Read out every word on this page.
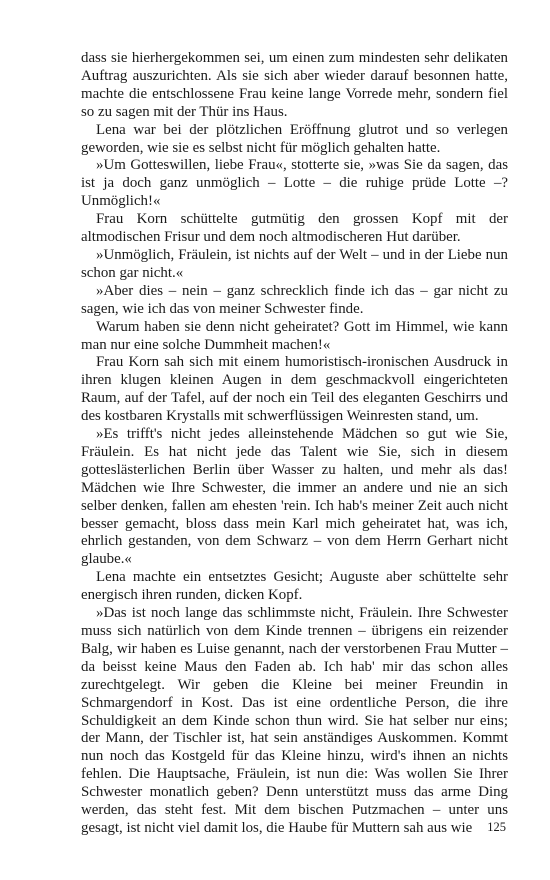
dass sie hierhergekommen sei, um einen zum mindesten sehr delikaten Auftrag auszurichten. Als sie sich aber wieder darauf besonnen hatte, machte die entschlossene Frau keine lange Vorrede mehr, sondern fiel so zu sagen mit der Thür ins Haus.

Lena war bei der plötzlichen Eröffnung glutrot und so verlegen geworden, wie sie es selbst nicht für möglich gehalten hatte.

»Um Gotteswillen, liebe Frau«, stotterte sie, »was Sie da sagen, das ist ja doch ganz unmöglich – Lotte – die ruhige prüde Lotte –? Unmöglich!«

Frau Korn schüttelte gutmütig den grossen Kopf mit der altmodischen Frisur und dem noch altmodischeren Hut darüber.

»Unmöglich, Fräulein, ist nichts auf der Welt – und in der Liebe nun schon gar nicht.«

»Aber dies – nein – ganz schrecklich finde ich das – gar nicht zu sagen, wie ich das von meiner Schwester finde.

Warum haben sie denn nicht geheiratet? Gott im Himmel, wie kann man nur eine solche Dummheit machen!«

Frau Korn sah sich mit einem humoristisch-ironischen Ausdruck in ihren klugen kleinen Augen in dem geschmackvoll eingerichteten Raum, auf der Tafel, auf der noch ein Teil des eleganten Geschirrs und des kostbaren Krystalls mit schwerflüssigen Weinresten stand, um.

»Es trifft's nicht jedes alleinstehende Mädchen so gut wie Sie, Fräulein. Es hat nicht jede das Talent wie Sie, sich in diesem gotteslästerlichen Berlin über Wasser zu halten, und mehr als das! Mädchen wie Ihre Schwester, die immer an andere und nie an sich selber denken, fallen am ehesten 'rein. Ich hab's meiner Zeit auch nicht besser gemacht, bloss dass mein Karl mich geheiratet hat, was ich, ehrlich gestanden, von dem Schwarz – von dem Herrn Gerhart nicht glaube.«

Lena machte ein entsetztes Gesicht; Auguste aber schüttelte sehr energisch ihren runden, dicken Kopf.

»Das ist noch lange das schlimmste nicht, Fräulein. Ihre Schwester muss sich natürlich von dem Kinde trennen – übrigens ein reizender Balg, wir haben es Luise genannt, nach der verstorbenen Frau Mutter – da beisst keine Maus den Faden ab. Ich hab' mir das schon alles zurechtgelegt. Wir geben die Kleine bei meiner Freundin in Schmargendorf in Kost. Das ist eine ordentliche Person, die ihre Schuldigkeit an dem Kinde schon thun wird. Sie hat selber nur eins; der Mann, der Tischler ist, hat sein anständiges Auskommen. Kommt nun noch das Kostgeld für das Kleine hinzu, wird's ihnen an nichts fehlen. Die Hauptsache, Fräulein, ist nun die: Was wollen Sie Ihrer Schwester monatlich geben? Denn unterstützt muss das arme Ding werden, das steht fest. Mit dem bischen Putzmachen – unter uns gesagt, ist nicht viel damit los, die Haube für Muttern sah aus wie	125
